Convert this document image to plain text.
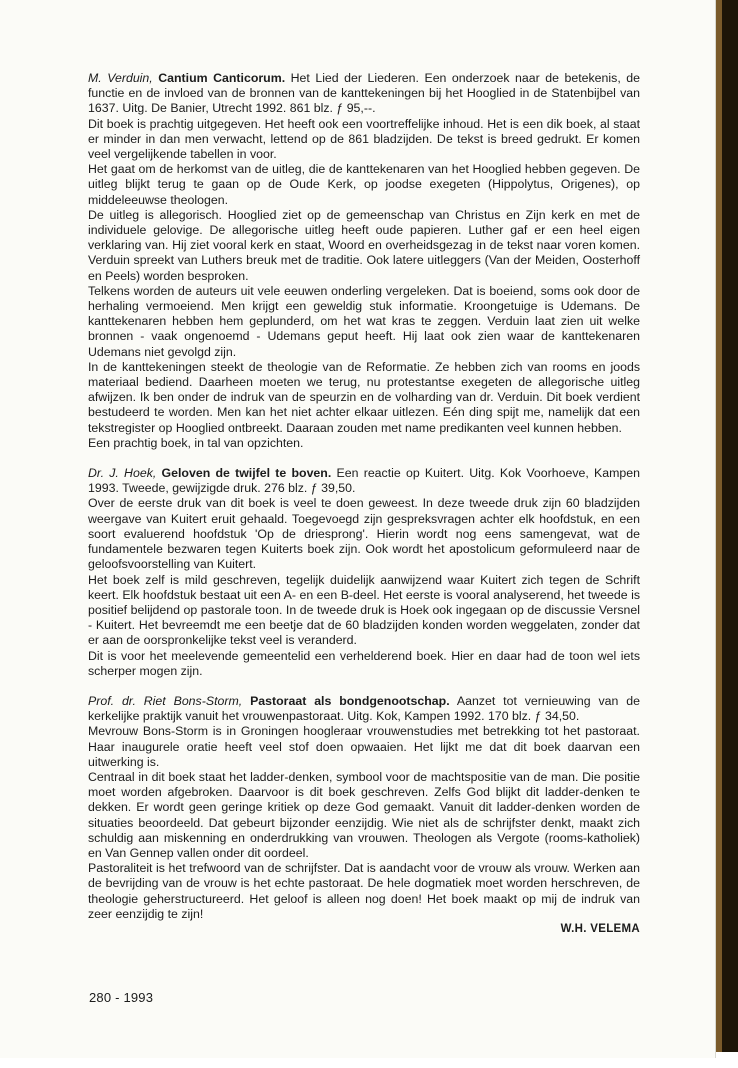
M. Verduin, Cantium Canticorum. Het Lied der Liederen. Een onderzoek naar de betekenis, de functie en de invloed van de bronnen van de kanttekeningen bij het Hooglied in de Statenbijbel van 1637. Uitg. De Banier, Utrecht 1992. 861 blz. ƒ 95,--.

Dit boek is prachtig uitgegeven. Het heeft ook een voortreffelijke inhoud. Het is een dik boek, al staat er minder in dan men verwacht, lettend op de 861 bladzijden. De tekst is breed gedrukt. Er komen veel vergelijkende tabellen in voor.

Het gaat om de herkomst van de uitleg, die de kanttekenaren van het Hooglied hebben gegeven. De uitleg blijkt terug te gaan op de Oude Kerk, op joodse exegeten (Hippolytus, Origenes), op middeleeuwse theologen.

De uitleg is allegorisch. Hooglied ziet op de gemeenschap van Christus en Zijn kerk en met de individuele gelovige. De allegorische uitleg heeft oude papieren. Luther gaf er een heel eigen verklaring van. Hij ziet vooral kerk en staat, Woord en overheidsgezag in de tekst naar voren komen. Verduin spreekt van Luthers breuk met de traditie. Ook latere uitleggers (Van der Meiden, Oosterhoff en Peels) worden besproken.

Telkens worden de auteurs uit vele eeuwen onderling vergeleken. Dat is boeiend, soms ook door de herhaling vermoeiend. Men krijgt een geweldig stuk informatie. Kroongetuige is Udemans. De kanttekenaren hebben hem geplunderd, om het wat kras te zeggen. Verduin laat zien uit welke bronnen - vaak ongenoemd - Udemans geput heeft. Hij laat ook zien waar de kanttekenaren Udemans niet gevolgd zijn.

In de kanttekeningen steekt de theologie van de Reformatie. Ze hebben zich van rooms en joods materiaal bediend. Daarheen moeten we terug, nu protestantse exegeten de allegorische uitleg afwijzen. Ik ben onder de indruk van de speurzin en de volharding van dr. Verduin. Dit boek verdient bestudeerd te worden. Men kan het niet achter elkaar uitlezen. Eén ding spijt me, namelijk dat een tekstregister op Hooglied ontbreekt. Daaraan zouden met name predikanten veel kunnen hebben.

Een prachtig boek, in tal van opzichten.

Dr. J. Hoek, Geloven de twijfel te boven. Een reactie op Kuitert. Uitg. Kok Voorhoeve, Kampen 1993. Tweede, gewijzigde druk. 276 blz. ƒ 39,50.

Over de eerste druk van dit boek is veel te doen geweest. In deze tweede druk zijn 60 bladzijden weergave van Kuitert eruit gehaald. Toegevoegd zijn gespreksvragen achter elk hoofdstuk, en een soort evaluerend hoofdstuk 'Op de driesprong'. Hierin wordt nog eens samengevat, wat de fundamentele bezwaren tegen Kuiterts boek zijn. Ook wordt het apostolicum geformuleerd naar de geloofsvoorstelling van Kuitert.

Het boek zelf is mild geschreven, tegelijk duidelijk aanwijzend waar Kuitert zich tegen de Schrift keert. Elk hoofdstuk bestaat uit een A- en een B-deel. Het eerste is vooral analyserend, het tweede is positief belijdend op pastorale toon. In de tweede druk is Hoek ook ingegaan op de discussie Versnel - Kuitert. Het bevreemdt me een beetje dat de 60 bladzijden konden worden weggelaten, zonder dat er aan de oorspronkelijke tekst veel is veranderd.

Dit is voor het meelevende gemeentelid een verhelderend boek. Hier en daar had de toon wel iets scherper mogen zijn.

Prof. dr. Riet Bons-Storm, Pastoraat als bondgenootschap. Aanzet tot vernieuwing van de kerkelijke praktijk vanuit het vrouwenpastoraat. Uitg. Kok, Kampen 1992. 170 blz. ƒ 34,50.

Mevrouw Bons-Storm is in Groningen hoogleraar vrouwenstudies met betrekking tot het pastoraat. Haar inaugurele oratie heeft veel stof doen opwaaien. Het lijkt me dat dit boek daarvan een uitwerking is.

Centraal in dit boek staat het ladder-denken, symbool voor de machtspositie van de man. Die positie moet worden afgebroken. Daarvoor is dit boek geschreven. Zelfs God blijkt dit ladder-denken te dekken. Er wordt geen geringe kritiek op deze God gemaakt. Vanuit dit ladder-denken worden de situaties beoordeeld. Dat gebeurt bijzonder eenzijdig. Wie niet als de schrijfster denkt, maakt zich schuldig aan miskenning en onderdrukking van vrouwen. Theologen als Vergote (rooms-katholiek) en Van Gennep vallen onder dit oordeel.

Pastoraliteit is het trefwoord van de schrijfster. Dat is aandacht voor de vrouw als vrouw. Werken aan de bevrijding van de vrouw is het echte pastoraat. De hele dogmatiek moet worden herschreven, de theologie geherstructureerd. Het geloof is alleen nog doen! Het boek maakt op mij de indruk van zeer eenzijdig te zijn!

W.H. VELEMA

280 - 1993
